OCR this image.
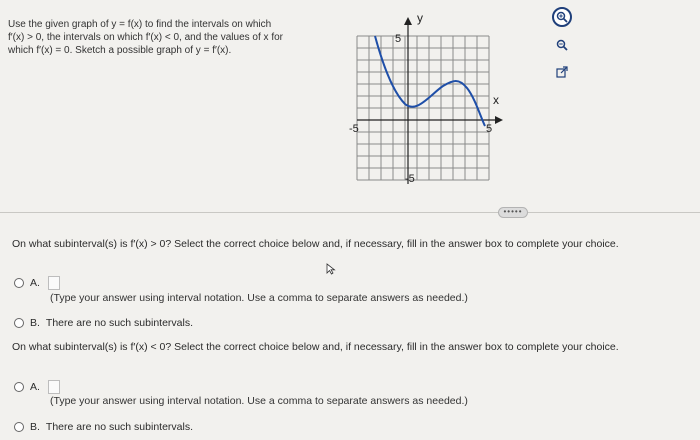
Use the given graph of y = f(x) to find the intervals on which
f′(x) > 0, the intervals on which f′(x) < 0, and the values of x for
which f′(x) = 0. Sketch a possible graph of y = f′(x).
y
x
5
-5
-5	5
•••••
On what subinterval(s) is f′(x) > 0? Select the correct choice below and, if necessary, fill in the answer box to complete your choice.
A.
(Type your answer using interval notation. Use a comma to separate answers as needed.)
B. There are no such subintervals.
On what subinterval(s) is f′(x) < 0? Select the correct choice below and, if necessary, fill in the answer box to complete your choice.
A.
(Type your answer using interval notation. Use a comma to separate answers as needed.)
B. There are no such subintervals.
